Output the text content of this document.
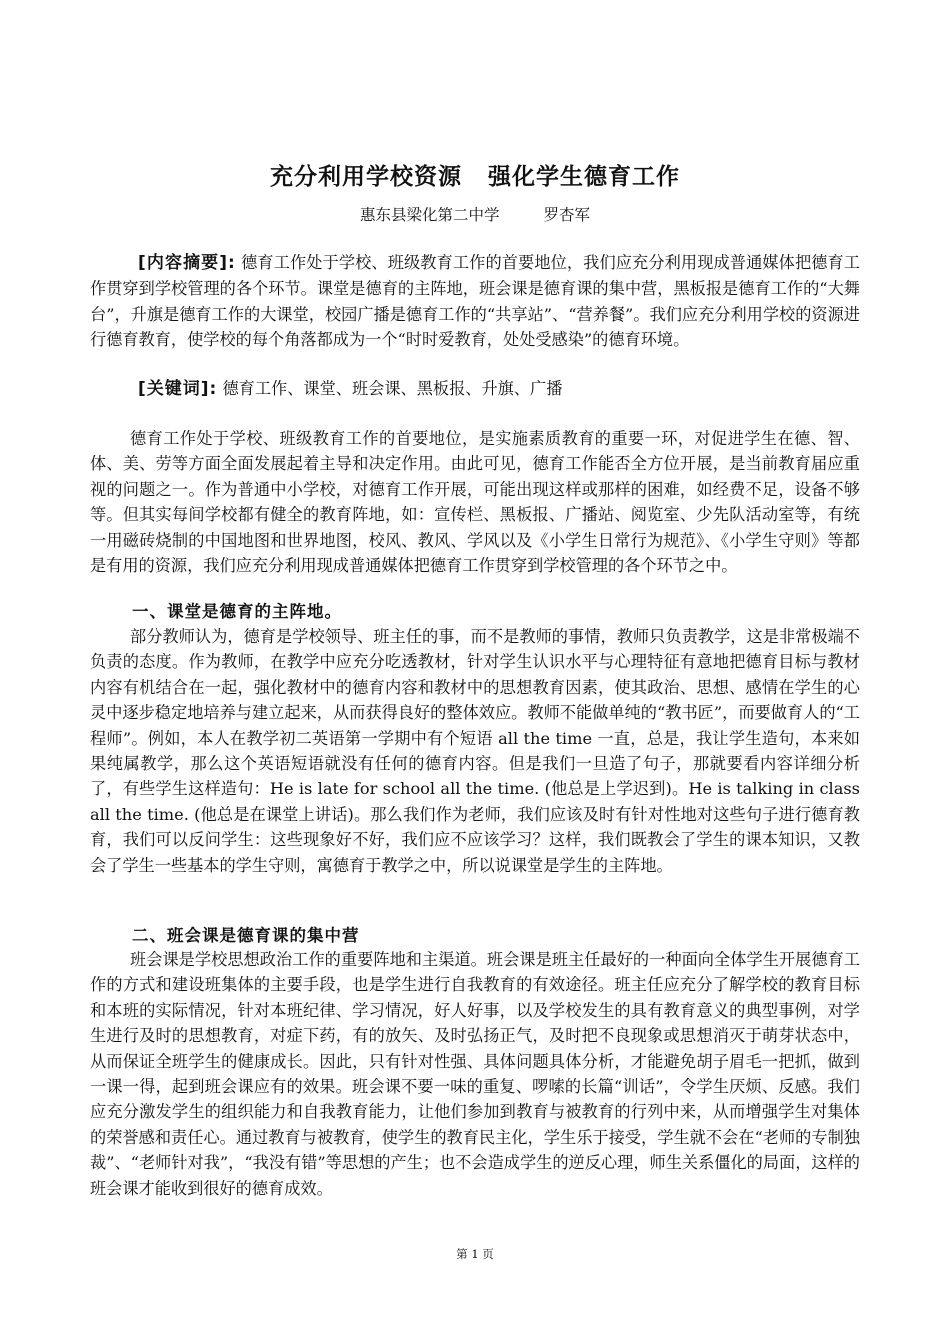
充分利用学校资源 强化学生德育工作
惠东县梁化第二中学	罗杏军

[内容摘要]: 德育工作处于学校、班级教育工作的首要地位，我们应充分利用现成普通媒体把德育工作贯穿到学校管理的各个环节。课堂是德育的主阵地，班会课是德育课的集中营，黑板报是德育工作的“大舞台”，升旗是德育工作的大课堂，校园广播是德育工作的“共享站”、“营养餐”。我们应充分利用学校的资源进行德育教育，使学校的每个角落都成为一个“时时爱教育，处处受感染”的德育环境。

[关键词]: 德育工作、课堂、班会课、黑板报、升旗、广播

德育工作处于学校、班级教育工作的首要地位，是实施素质教育的重要一环，对促进学生在德、智、体、美、劳等方面全面发展起着主导和决定作用。由此可见，德育工作能否全方位开展，是当前教育届应重视的问题之一。作为普通中小学校，对德育工作开展，可能出现这样或那样的困难，如经费不足，设备不够等。但其实每间学校都有健全的教育阵地，如：宣传栏、黑板报、广播站、阅览室、少先队活动室等，有统一用磁砖烧制的中国地图和世界地图，校风、教风、学风以及《小学生日常行为规范》、《小学生守则》等都是有用的资源，我们应充分利用现成普通媒体把德育工作贯穿到学校管理的各个环节之中。

一、课堂是德育的主阵地。

部分教师认为，德育是学校领导、班主任的事，而不是教师的事情，教师只负责教学，这是非常极端不负责的态度。作为教师，在教学中应充分吃透教材，针对学生认识水平与心理特征有意地把德育目标与教材内容有机结合在一起，强化教材中的德育内容和教材中的思想教育因素，使其政治、思想、感情在学生的心灵中逐步稳定地培养与建立起来，从而获得良好的整体效应。教师不能做单纯的“教书匠”，而要做育人的“工程师”。例如，本人在教学初二英语第一学期中有个短语 all the time 一直，总是，我让学生造句，本来如果纯属教学，那么这个英语短语就没有任何的德育内容。但是我们一旦造了句子，那就要看内容详细分析了，有些学生这样造句：He is late for school all the time. (他总是上学迟到)。He is talking in class all the time. (他总是在课堂上讲话)。那么我们作为老师，我们应该及时有针对性地对这些句子进行德育教育，我们可以反问学生：这些现象好不好，我们应不应该学习？这样，我们既教会了学生的课本知识，又教会了学生一些基本的学生守则，寓德育于教学之中，所以说课堂是学生的主阵地。

二、班会课是德育课的集中营

班会课是学校思想政治工作的重要阵地和主渠道。班会课是班主任最好的一种面向全体学生开展德育工作的方式和建设班集体的主要手段，也是学生进行自我教育的有效途径。班主任应充分了解学校的教育目标和本班的实际情况，针对本班纪律、学习情况，好人好事，以及学校发生的具有教育意义的典型事例，对学生进行及时的思想教育，对症下药，有的放矢、及时弘扬正气，及时把不良现象或思想消灭于萌芽状态中，从而保证全班学生的健康成长。因此，只有针对性强、具体问题具体分析，才能避免胡子眉毛一把抓，做到一课一得，起到班会课应有的效果。班会课不要一味的重复、啰嗦的长篇“训话”，令学生厌烦、反感。我们应充分激发学生的组织能力和自我教育能力，让他们参加到教育与被教育的行列中来，从而增强学生对集体的荣誉感和责任心。通过教育与被教育，使学生的教育民主化，学生乐于接受，学生就不会在“老师的专制独裁”、“老师针对我”，“我没有错”等思想的产生；也不会造成学生的逆反心理，师生关系僵化的局面，这样的班会课才能收到很好的德育成效。

第 1 页
